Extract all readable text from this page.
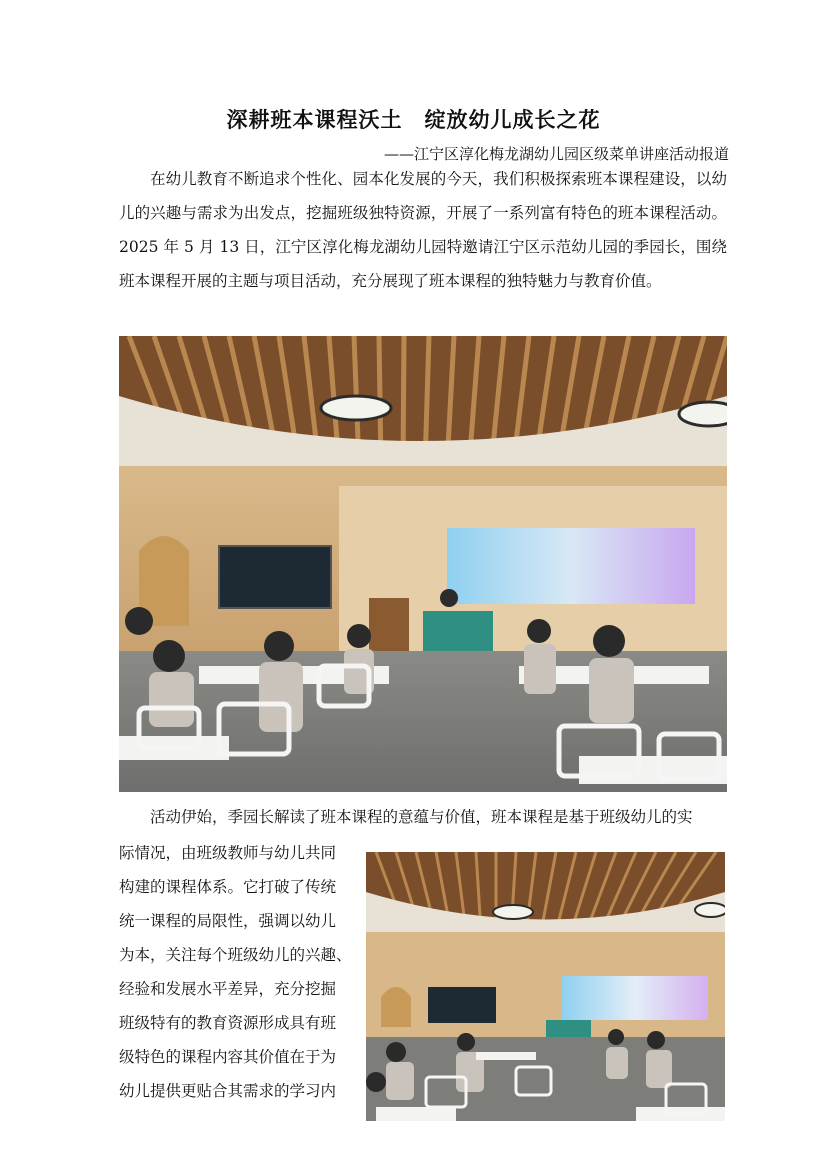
深耕班本课程沃土　绽放幼儿成长之花
——江宁区淳化梅龙湖幼儿园区级菜单讲座活动报道
在幼儿教育不断追求个性化、园本化发展的今天，我们积极探索班本课程建设，以幼儿的兴趣与需求为出发点，挖掘班级独特资源，开展了一系列富有特色的班本课程活动。2025 年 5 月 13 日，江宁区淳化梅龙湖幼儿园特邀请江宁区示范幼儿园的季园长，围绕班本课程开展的主题与项目活动，充分展现了班本课程的独特魅力与教育价值。
活动伊始，季园长解读了班本课程的意蕴与价值，班本课程是基于班级幼儿的实
际情况，由班级教师与幼儿共同
构建的课程体系。它打破了传统
统一课程的局限性，强调以幼儿
为本，关注每个班级幼儿的兴趣、
经验和发展水平差异，充分挖掘
班级特有的教育资源形成具有班
级特色的课程内容其价值在于为
幼儿提供更贴合其需求的学习内
